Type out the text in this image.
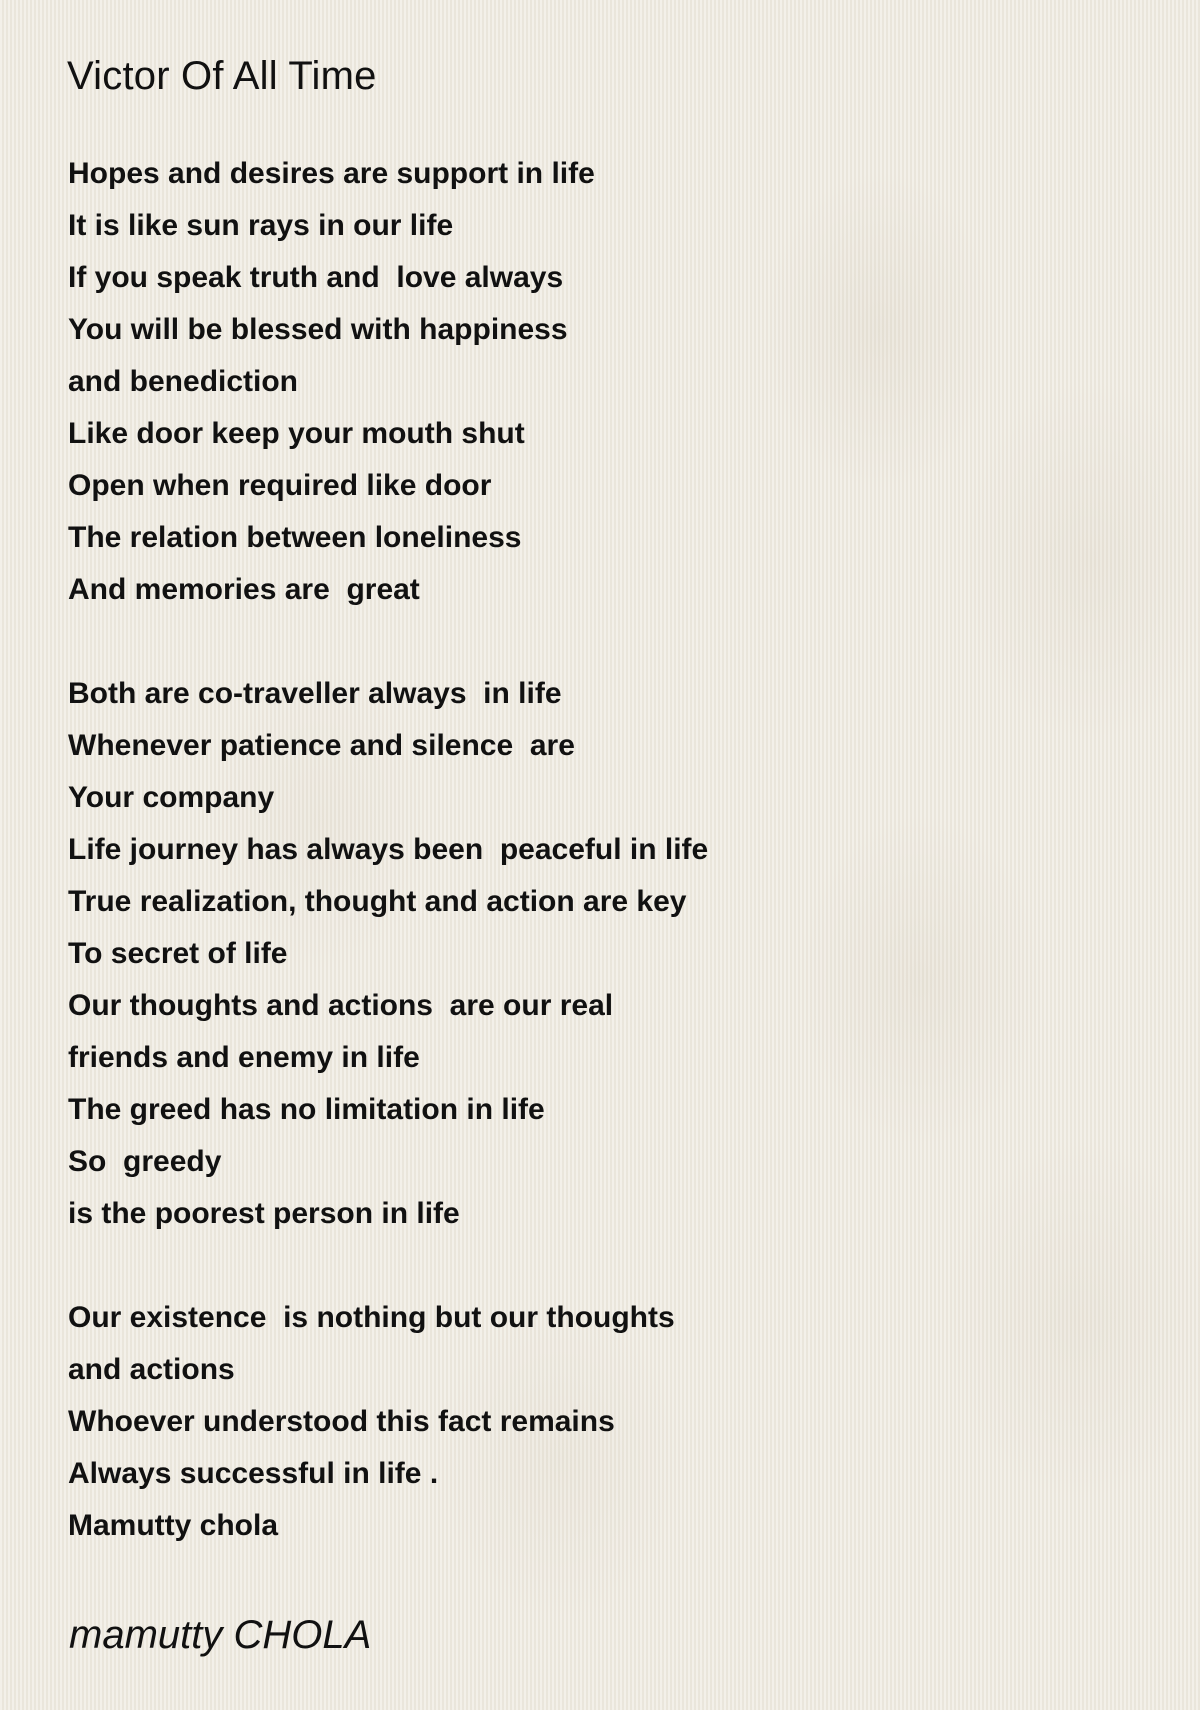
Victor Of All Time
Hopes and desires are support in life
It is like sun rays in our life
If you speak truth and  love always
You will be blessed with happiness
and benediction
Like door keep your mouth shut
Open when required like door
The relation between loneliness
And memories are  great
Both are co-traveller always  in life
Whenever patience and silence  are
Your company
Life journey has always been  peaceful in life
True realization, thought and action are key
To secret of life
Our thoughts and actions  are our real
friends and enemy in life
The greed has no limitation in life
So  greedy
is the poorest person in life
Our existence  is nothing but our thoughts
and actions
Whoever understood this fact remains
Always successful in life .
Mamutty chola
mamutty CHOLA
